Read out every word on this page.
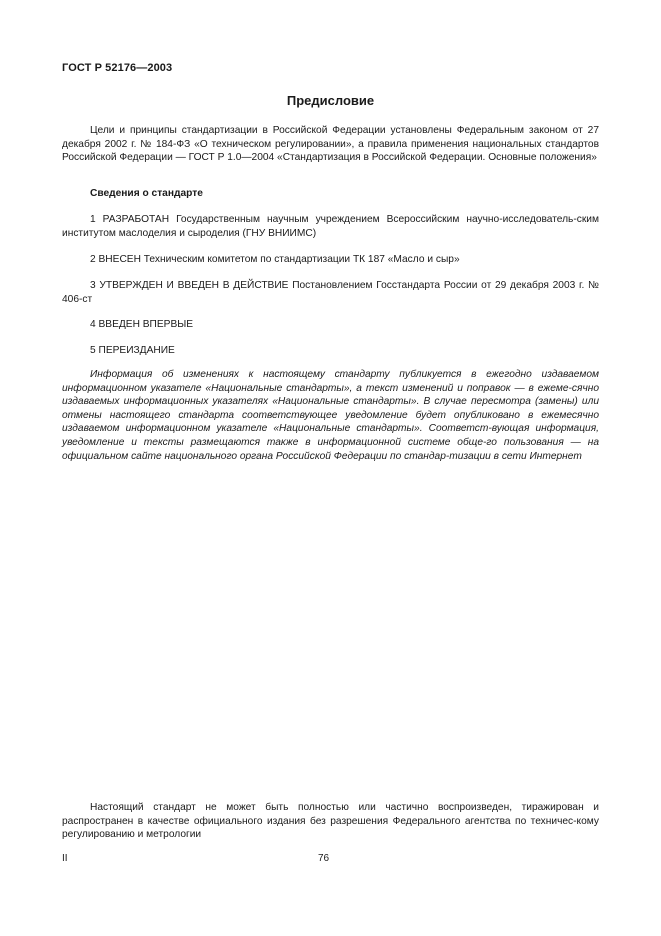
ГОСТ Р 52176—2003
Предисловие
Цели и принципы стандартизации в Российской Федерации установлены Федеральным законом от 27 декабря 2002 г. № 184-ФЗ «О техническом регулировании», а правила применения национальных стандартов Российской Федерации — ГОСТ Р 1.0—2004 «Стандартизация в Российской Федерации. Основные положения»
Сведения о стандарте
1 РАЗРАБОТАН Государственным научным учреждением Всероссийским научно-исследователь-ским институтом маслоделия и сыроделия (ГНУ ВНИИМС)
2 ВНЕСЕН Техническим комитетом по стандартизации ТК 187 «Масло и сыр»
3 УТВЕРЖДЕН И ВВЕДЕН В ДЕЙСТВИЕ Постановлением Госстандарта России от 29 декабря 2003 г. № 406-ст
4 ВВЕДЕН ВПЕРВЫЕ
5 ПЕРЕИЗДАНИЕ
Информация об изменениях к настоящему стандарту публикуется в ежегодно издаваемом информационном указателе «Национальные стандарты», а текст изменений и поправок — в ежеме-сячно издаваемых информационных указателях «Национальные стандарты». В случае пересмотра (замены) или отмены настоящего стандарта соответствующее уведомление будет опубликовано в ежемесячно издаваемом информационном указателе «Национальные стандарты». Соответст-вующая информация, уведомление и тексты размещаются также в информационной системе обще-го пользования — на официальном сайте национального органа Российской Федерации по стандар-тизации в сети Интернет
Настоящий стандарт не может быть полностью или частично воспроизведен, тиражирован и распространен в качестве официального издания без разрешения Федерального агентства по техничес-кому регулированию и метрологии
II	76
